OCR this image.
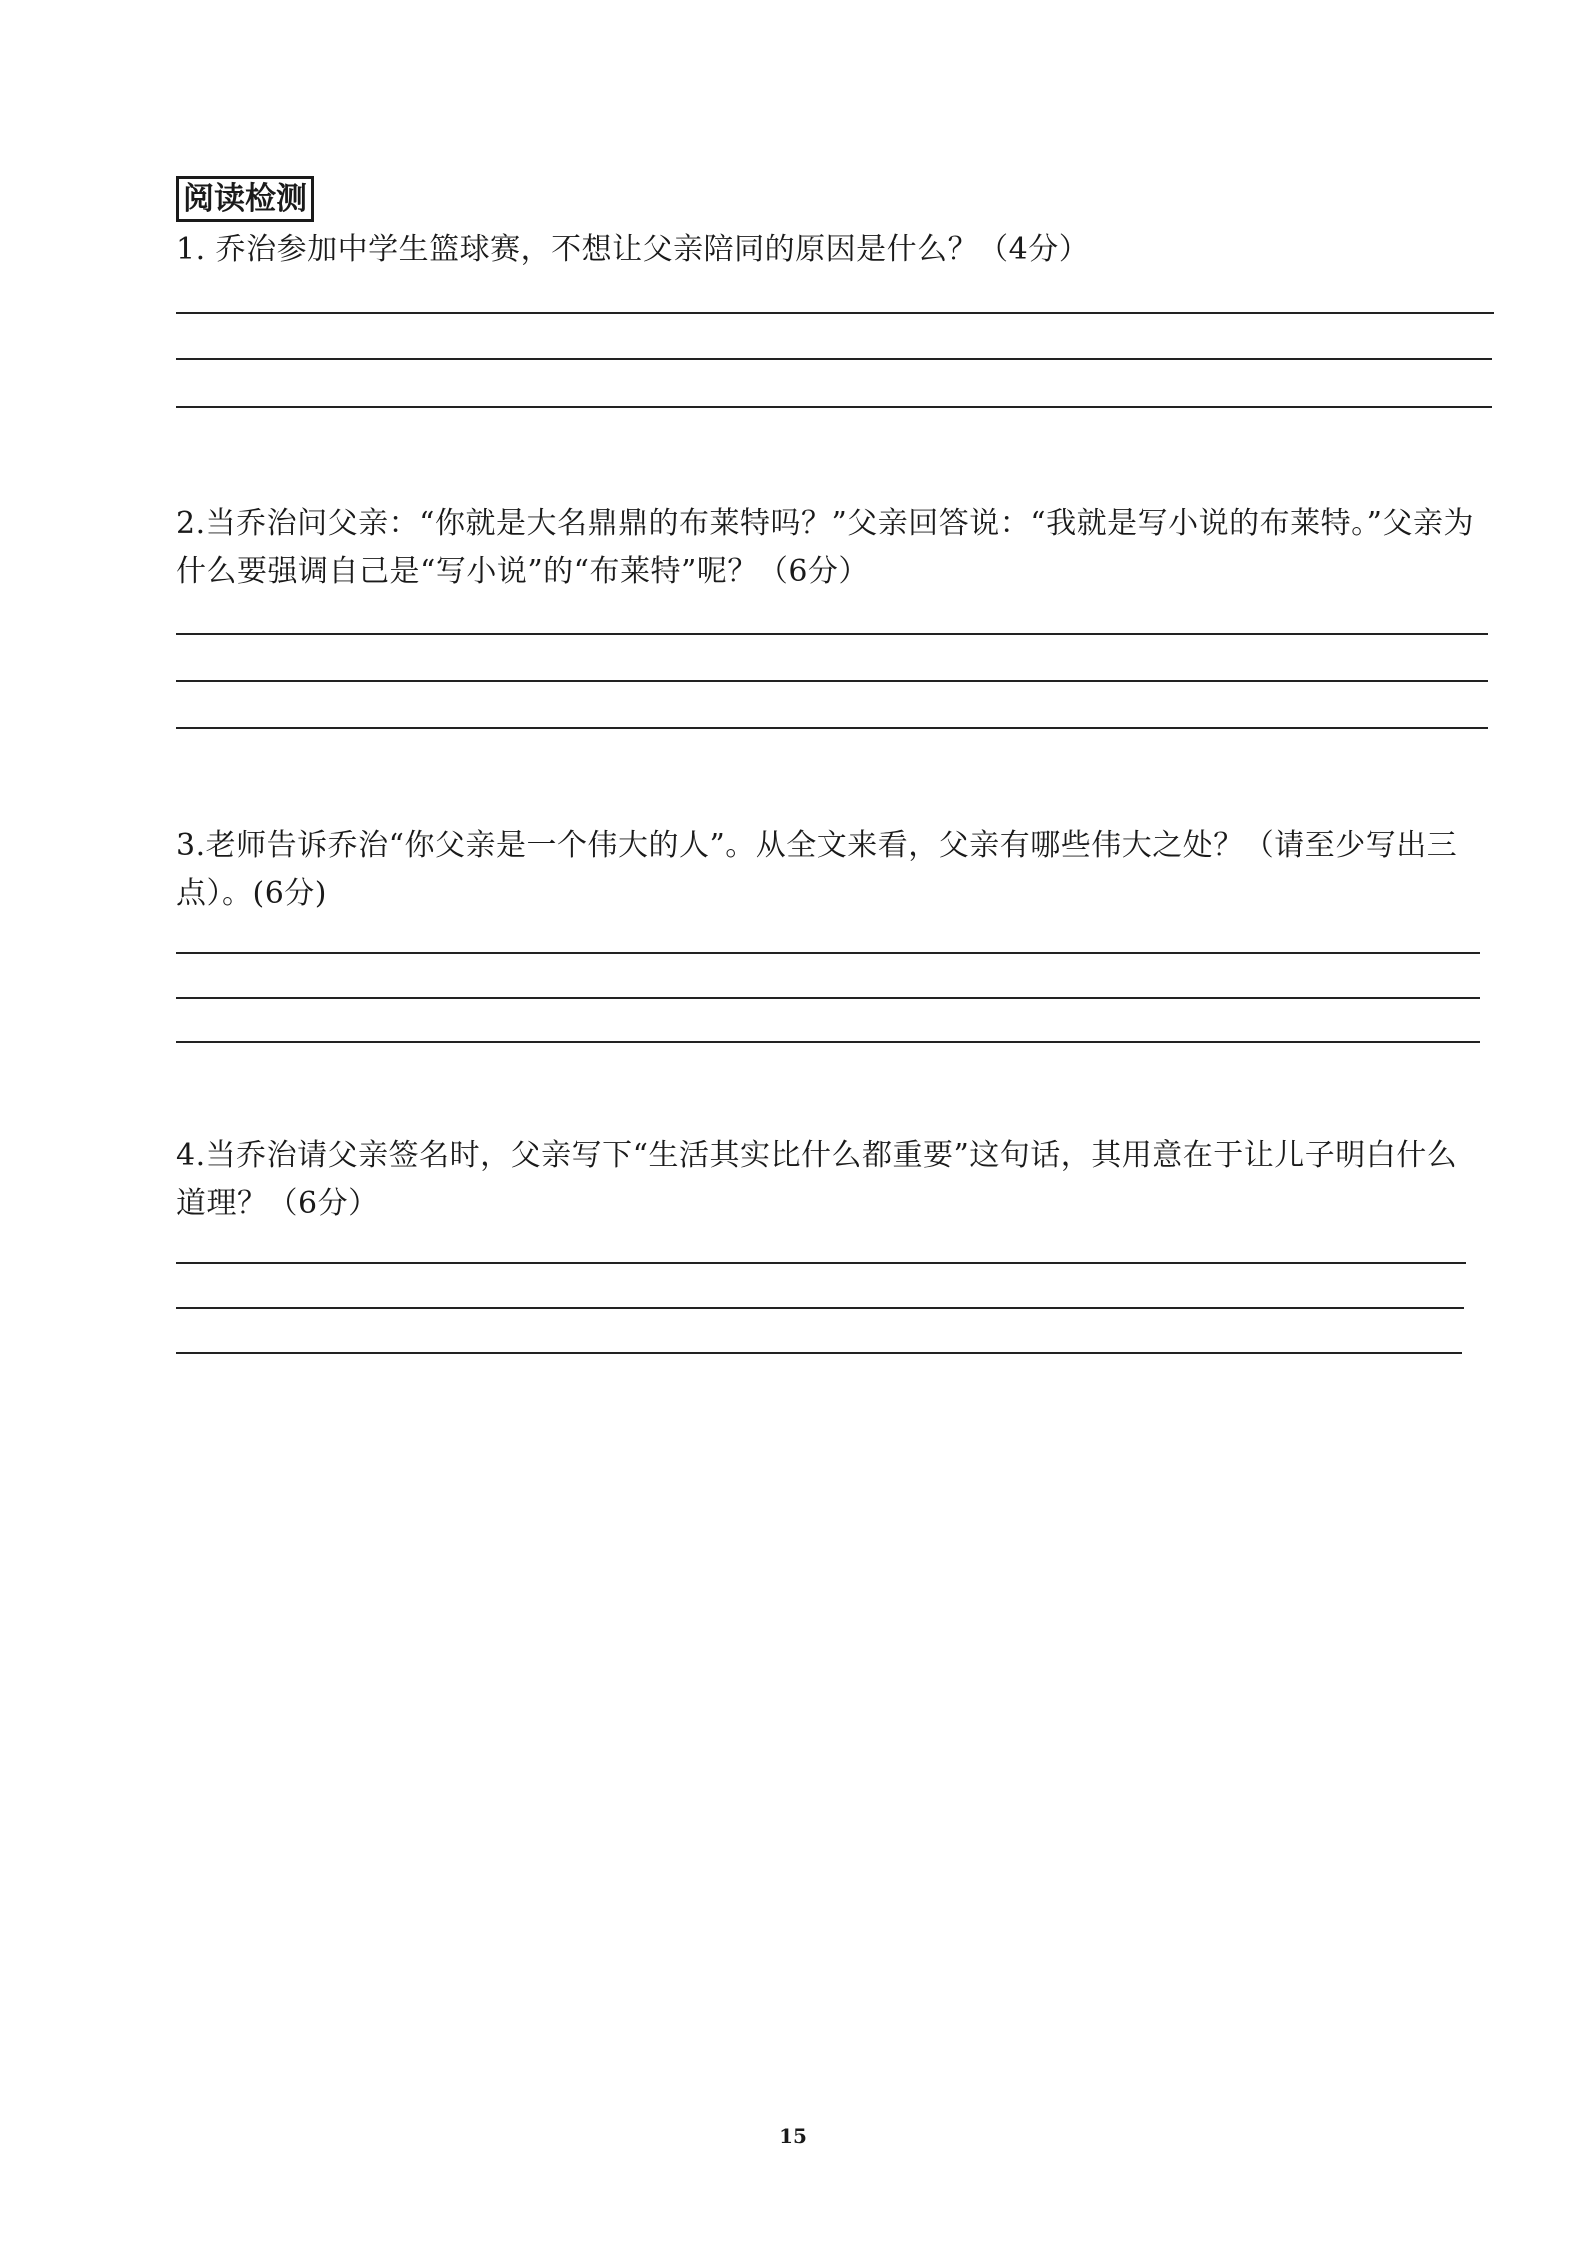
阅读检测

1. 乔治参加中学生篮球赛，不想让父亲陪同的原因是什么？（4分）

2.当乔治问父亲：“你就是大名鼎鼎的布莱特吗？”父亲回答说：“我就是写小说的布莱特。”父亲为什么要强调自己是“写小说”的“布莱特”呢？（6分）

3.老师告诉乔治“你父亲是一个伟大的人”。从全文来看，父亲有哪些伟大之处？（请至少写出三点）。(6分)

4.当乔治请父亲签名时，父亲写下“生活其实比什么都重要”这句话，其用意在于让儿子明白什么道理？（6分）

15
